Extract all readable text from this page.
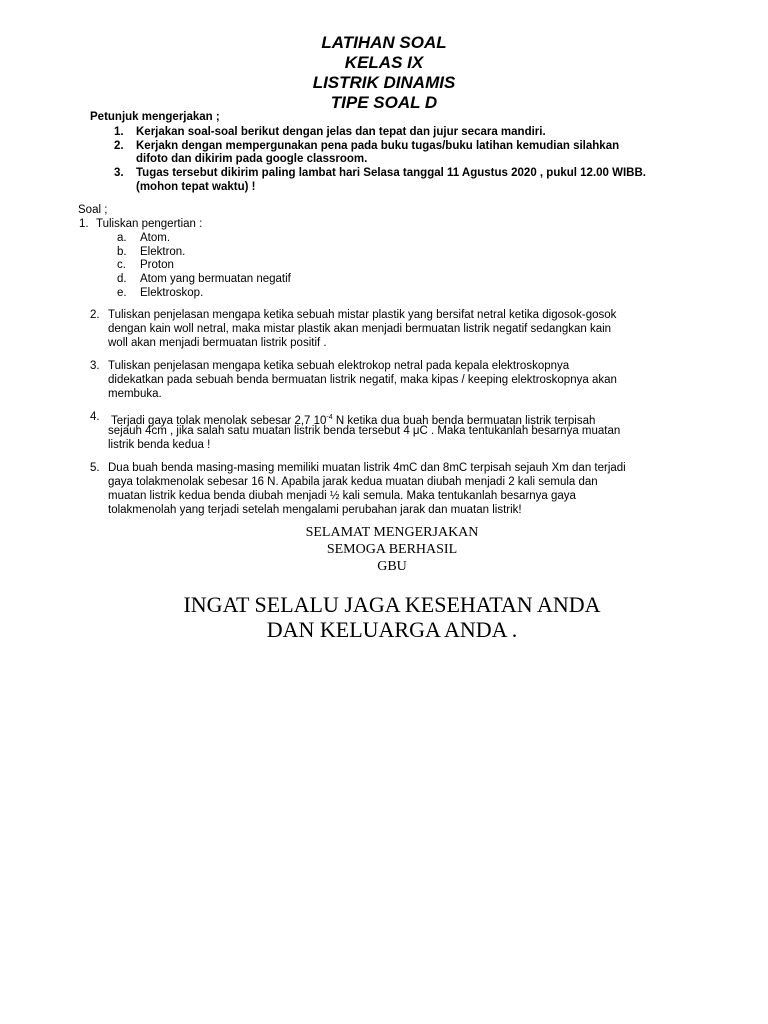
LATIHAN SOAL
KELAS IX
LISTRIK DINAMIS
TIPE SOAL D
Petunjuk mengerjakan ;
1. Kerjakan soal-soal berikut dengan jelas dan tepat dan jujur secara mandiri.
2. Kerjakn dengan mempergunakan pena pada buku tugas/buku latihan kemudian silahkan
difoto dan dikirim pada google classroom.
3. Tugas tersebut dikirim paling lambat hari Selasa tanggal 11 Agustus 2020 , pukul 12.00 WIBB.
(mohon tepat waktu) !
Soal ;
1. Tuliskan pengertian :
a. Atom.
b. Elektron.
c. Proton
d. Atom yang bermuatan negatif
e. Elektroskop.
2. Tuliskan penjelasan mengapa ketika sebuah mistar plastik yang bersifat netral ketika digosok-gosok
dengan kain woll netral, maka mistar plastik akan menjadi bermuatan listrik negatif sedangkan kain
woll akan menjadi bermuatan listrik positif .
3. Tuliskan penjelasan mengapa ketika sebuah elektrokop netral pada kepala elektroskopnya
didekatkan pada sebuah benda bermuatan listrik negatif, maka kipas / keeping elektroskopnya akan
membuka.
4. Terjadi gaya tolak menolak sebesar 2,7 $10^{-4}$ N ketika dua buah benda bermuatan listrik terpisah
sejauh 4cm , jika salah satu muatan listrik benda tersebut 4 μC . Maka tentukanlah besarnya muatan
listrik benda kedua !
5. Dua buah benda masing-masing memiliki muatan listrik 4mC dan 8mC terpisah sejauh Xm dan terjadi
gaya tolakmenolak sebesar 16 N. Apabila jarak kedua muatan diubah menjadi 2 kali semula dan
muatan listrik kedua benda diubah menjadi ½ kali semula. Maka tentukanlah besarnya gaya
tolakmenolah yang terjadi setelah mengalami perubahan jarak dan muatan listrik!
SELAMAT MENGERJAKAN
SEMOGA BERHASIL
GBU
INGAT SELALU JAGA KESEHATAN ANDA
DAN KELUARGA ANDA .
